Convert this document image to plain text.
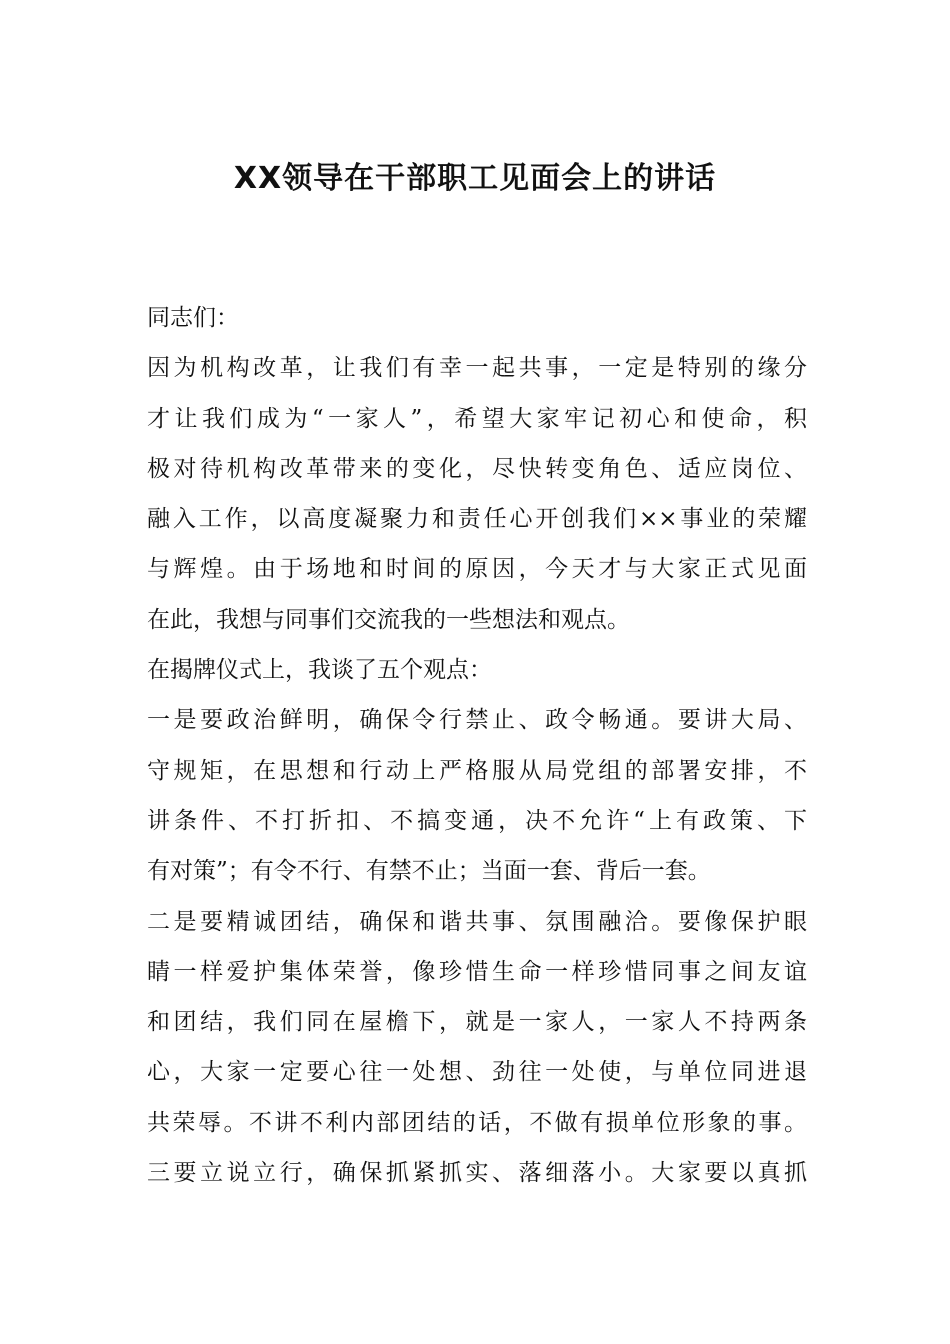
XX领导在干部职工见面会上的讲话

同志们：

因为机构改革，让我们有幸一起共事，一定是特别的缘分

才让我们成为“一家人”，希望大家牢记初心和使命，积

极对待机构改革带来的变化，尽快转变角色、适应岗位、

融入工作，以高度凝聚力和责任心开创我们××事业的荣耀

与辉煌。由于场地和时间的原因，今天才与大家正式见面

在此，我想与同事们交流我的一些想法和观点。

在揭牌仪式上，我谈了五个观点：

一是要政治鲜明，确保令行禁止、政令畅通。要讲大局、

守规矩，在思想和行动上严格服从局党组的部署安排，不

讲条件、不打折扣、不搞变通，决不允许“上有政策、下

有对策”；有令不行、有禁不止；当面一套、背后一套。

二是要精诚团结，确保和谐共事、氛围融洽。要像保护眼

睛一样爱护集体荣誉，像珍惜生命一样珍惜同事之间友谊

和团结，我们同在屋檐下，就是一家人，一家人不持两条

心，大家一定要心往一处想、劲往一处使，与单位同进退

共荣辱。不讲不利内部团结的话，不做有损单位形象的事。

三要立说立行，确保抓紧抓实、落细落小。大家要以真抓
